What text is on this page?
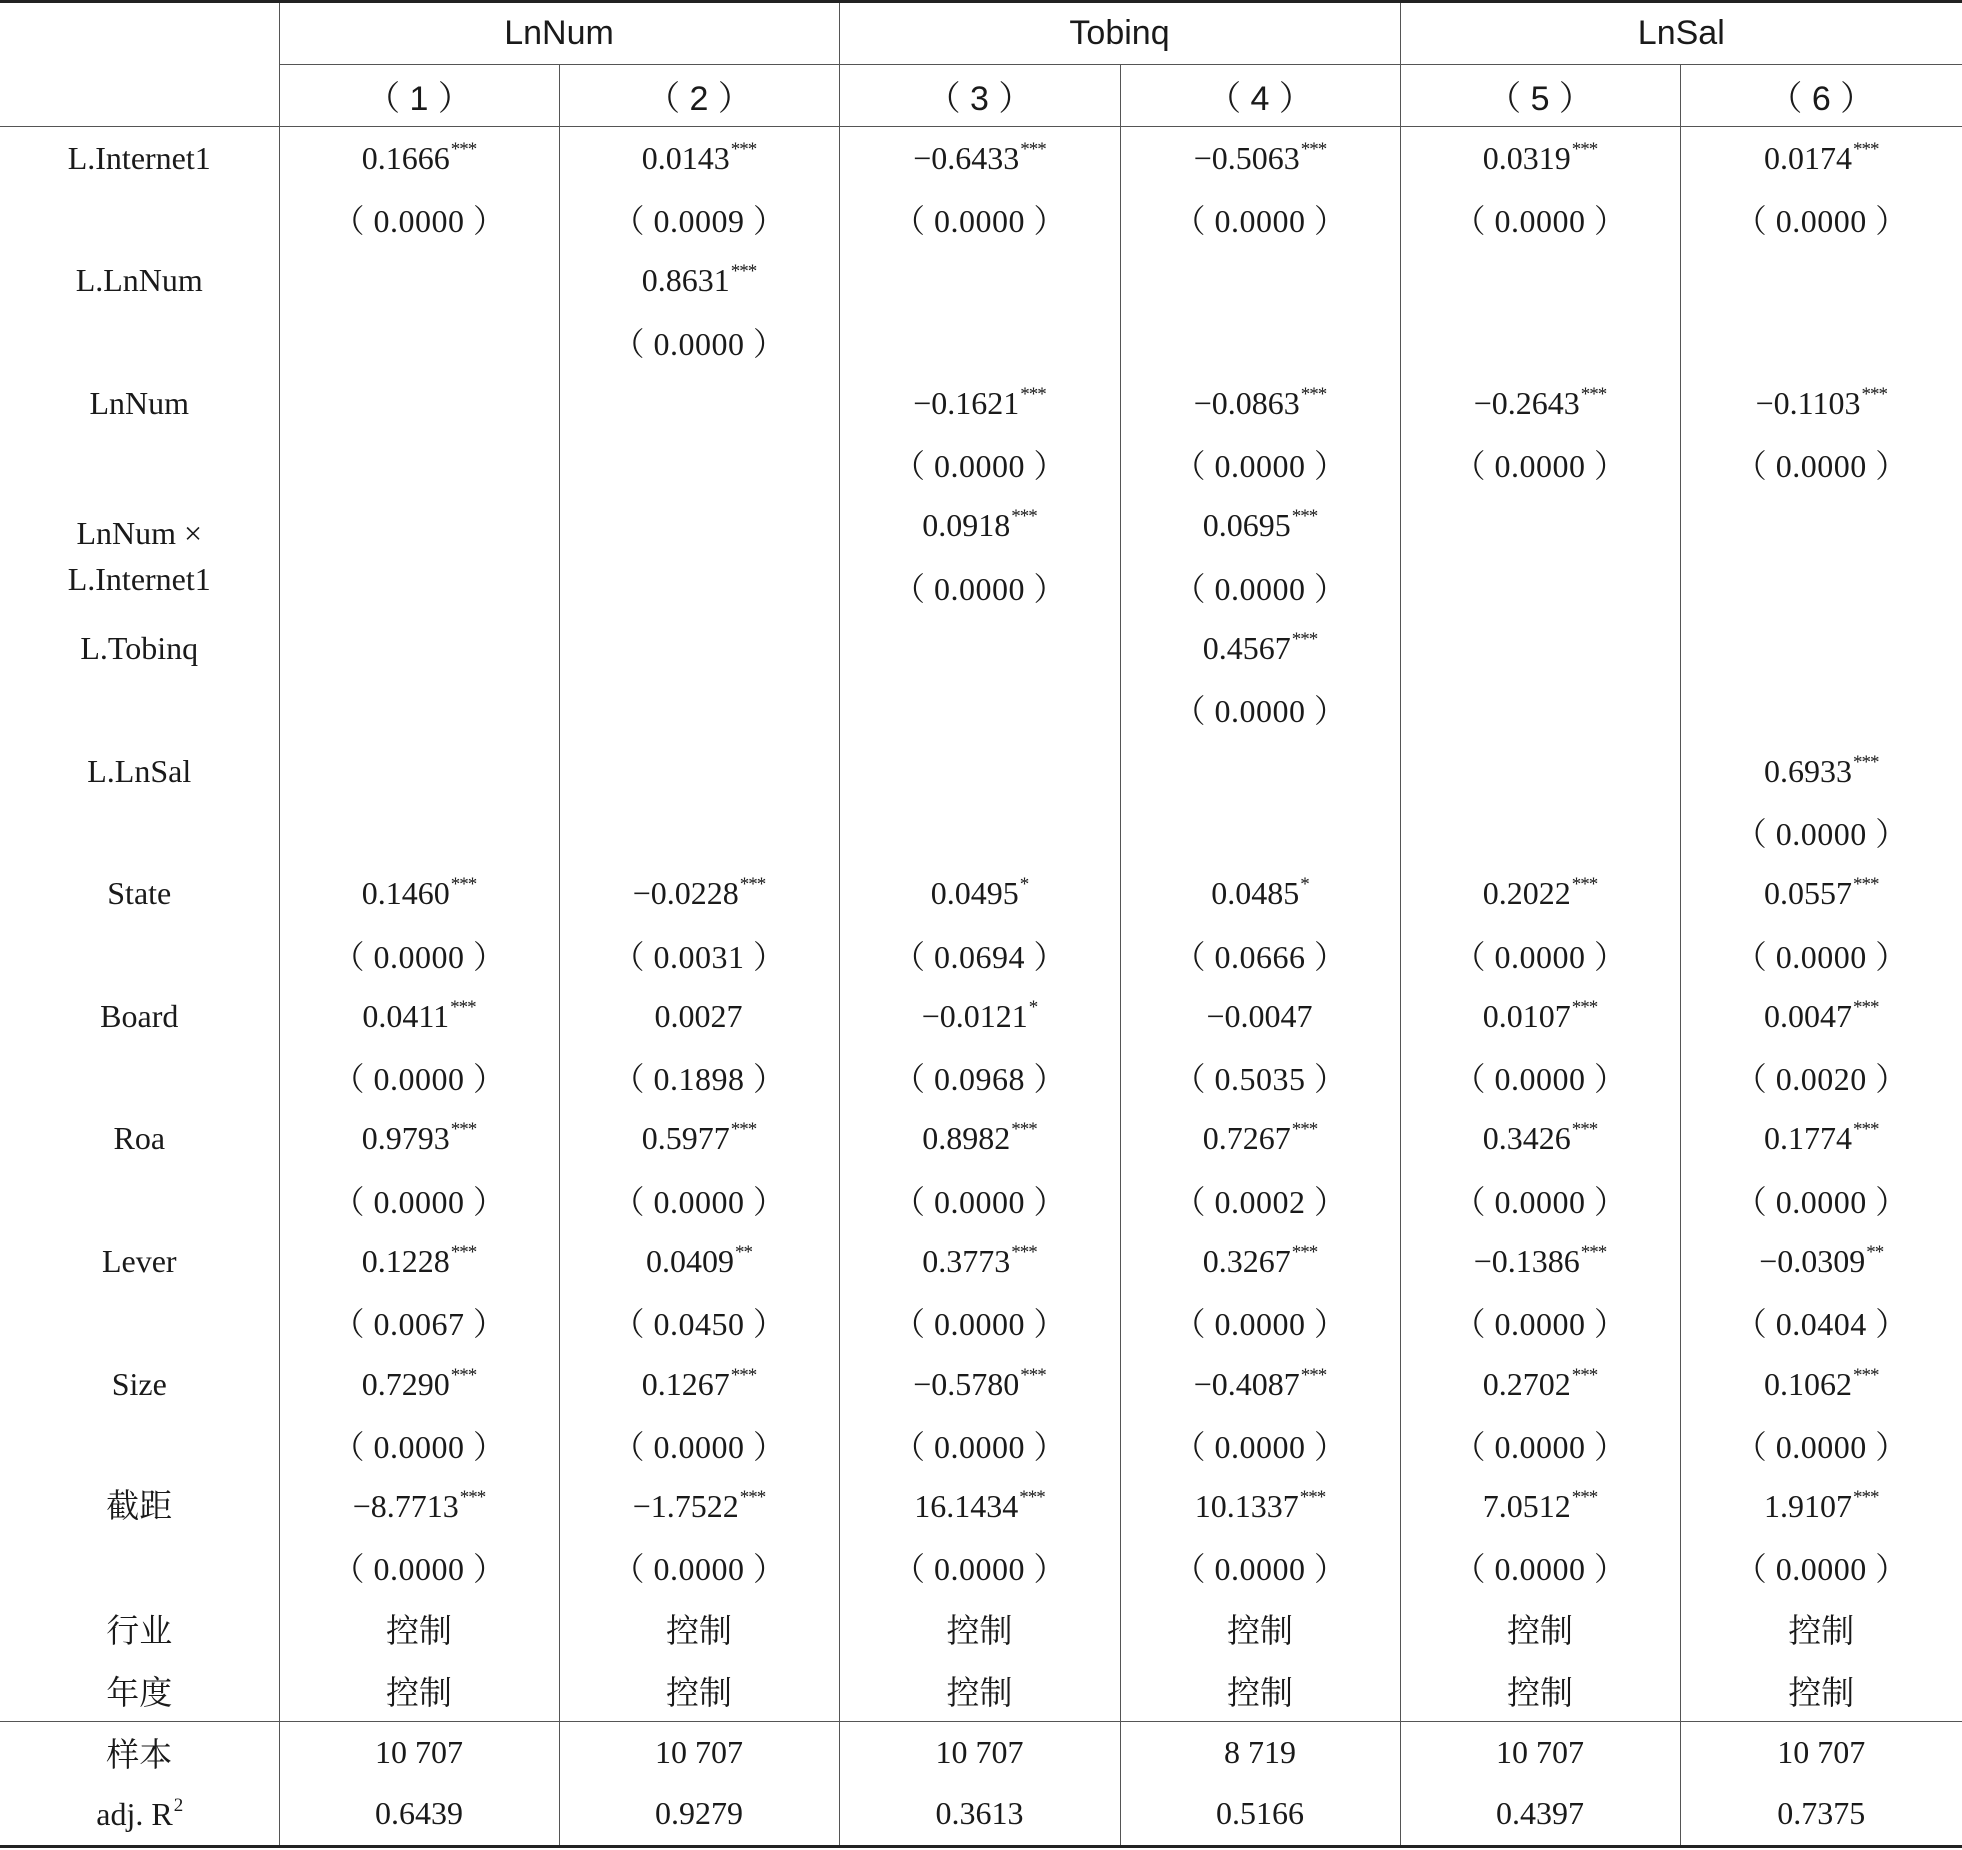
	LnNum		Tobinq		LnSal	
	（ 1 ）	（ 2 ）	（ 3 ）	（ 4 ）	（ 5 ）	（ 6 ）
L.Internet1	0.1666***	0.0143***	−0.6433***	−0.5063***	0.0319***	0.0174***
	（ 0.0000 ）	（ 0.0009 ）	（ 0.0000 ）	（ 0.0000 ）	（ 0.0000 ）	（ 0.0000 ）
L.LnNum		0.8631***				
		（ 0.0000 ）				
LnNum			−0.1621***	−0.0863***	−0.2643***	−0.1103***
			（ 0.0000 ）	（ 0.0000 ）	（ 0.0000 ）	（ 0.0000 ）
LnNum ×
L.Internet1			0.0918***	0.0695***		
			（ 0.0000 ）	（ 0.0000 ）		
L.Tobinq				0.4567***		
				（ 0.0000 ）		
L.LnSal						0.6933***
						（ 0.0000 ）
State	0.1460***	−0.0228***	0.0495*	0.0485*	0.2022***	0.0557***
	（ 0.0000 ）	（ 0.0031 ）	（ 0.0694 ）	（ 0.0666 ）	（ 0.0000 ）	（ 0.0000 ）
Board	0.0411***	0.0027	−0.0121*	−0.0047	0.0107***	0.0047***
	（ 0.0000 ）	（ 0.1898 ）	（ 0.0968 ）	（ 0.5035 ）	（ 0.0000 ）	（ 0.0020 ）
Roa	0.9793***	0.5977***	0.8982***	0.7267***	0.3426***	0.1774***
	（ 0.0000 ）	（ 0.0000 ）	（ 0.0000 ）	（ 0.0002 ）	（ 0.0000 ）	（ 0.0000 ）
Lever	0.1228***	0.0409**	0.3773***	0.3267***	−0.1386***	−0.0309**
	（ 0.0067 ）	（ 0.0450 ）	（ 0.0000 ）	（ 0.0000 ）	（ 0.0000 ）	（ 0.0404 ）
Size	0.7290***	0.1267***	−0.5780***	−0.4087***	0.2702***	0.1062***
	（ 0.0000 ）	（ 0.0000 ）	（ 0.0000 ）	（ 0.0000 ）	（ 0.0000 ）	（ 0.0000 ）
截距	−8.7713***	−1.7522***	16.1434***	10.1337***	7.0512***	1.9107***
	（ 0.0000 ）	（ 0.0000 ）	（ 0.0000 ）	（ 0.0000 ）	（ 0.0000 ）	（ 0.0000 ）
行业	控制	控制	控制	控制	控制	控制
年度	控制	控制	控制	控制	控制	控制
样本	10 707	10 707	10 707	8 719	10 707	10 707
adj. $R^2$	0.6439	0.9279	0.3613	0.5166	0.4397	0.7375
